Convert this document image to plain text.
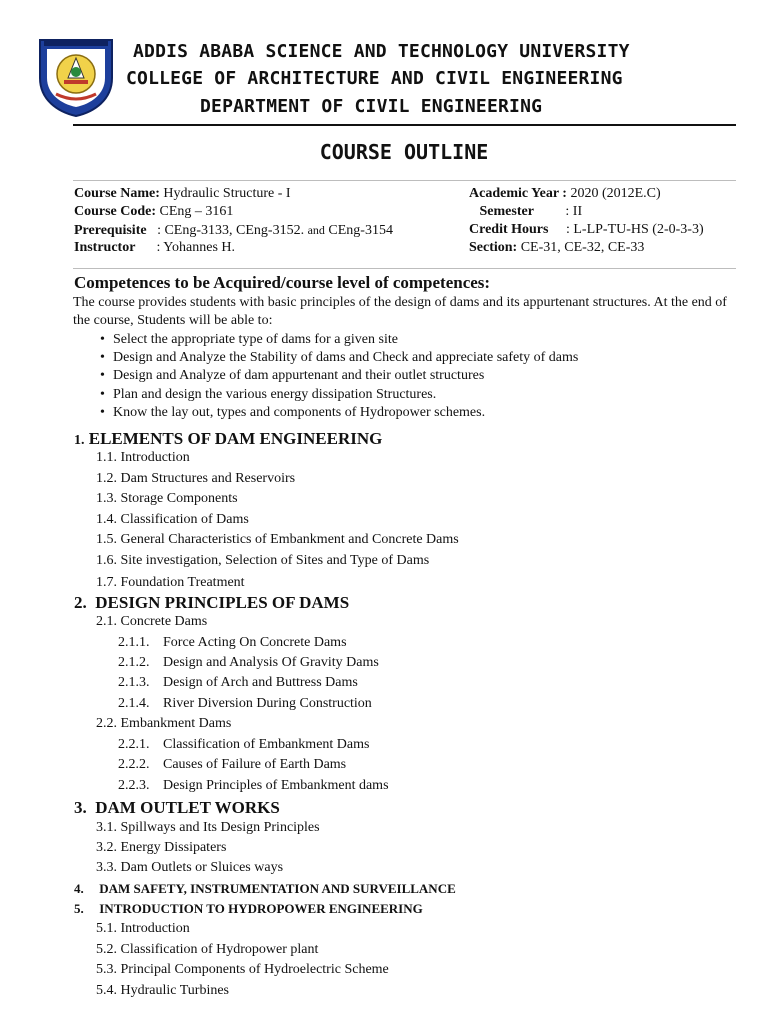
ADDIS ABABA SCIENCE AND TECHNOLOGY UNIVERSITY
COLLEGE OF ARCHITECTURE AND CIVIL ENGINEERING
DEPARTMENT OF CIVIL ENGINEERING
COURSE OUTLINE
Course Name: Hydraulic Structure - I
Course Code: CEng – 3161
Prerequisite : CEng-3133, CEng-3152. and CEng-3154
Instructor : Yohannes H.
Academic Year : 2020 (2012E.C)
Semester : II
Credit Hours : L-LP-TU-HS (2-0-3-3)
Section: CE-31, CE-32, CE-33
Competences to be Acquired/course level of competences:
The course provides students with basic principles of the design of dams and its appurtenant structures. At the end of the course, Students will be able to:
• Select the appropriate type of dams for a given site
• Design and Analyze the Stability of dams and Check and appreciate safety of dams
• Design and Analyze of dam appurtenant and their outlet structures
• Plan and design the various energy dissipation Structures.
• Know the lay out, types and components of Hydropower schemes.
1. ELEMENTS OF DAM ENGINEERING
1.1. Introduction
1.2. Dam Structures and Reservoirs
1.3. Storage Components
1.4. Classification of Dams
1.5. General Characteristics of Embankment and Concrete Dams
1.6. Site investigation, Selection of Sites and Type of Dams
1.7. Foundation Treatment
2. DESIGN PRINCIPLES OF DAMS
2.1. Concrete Dams
2.1.1. Force Acting On Concrete Dams
2.1.2. Design and Analysis Of Gravity Dams
2.1.3. Design of Arch and Buttress Dams
2.1.4. River Diversion During Construction
2.2. Embankment Dams
2.2.1. Classification of Embankment Dams
2.2.2. Causes of Failure of Earth Dams
2.2.3. Design Principles of Embankment dams
3. DAM OUTLET WORKS
3.1. Spillways and Its Design Principles
3.2. Energy Dissipaters
3.3. Dam Outlets or Sluices ways
4. DAM SAFETY, INSTRUMENTATION AND SURVEILLANCE
5. INTRODUCTION TO HYDROPOWER ENGINEERING
5.1. Introduction
5.2. Classification of Hydropower plant
5.3. Principal Components of Hydroelectric Scheme
5.4. Hydraulic Turbines
